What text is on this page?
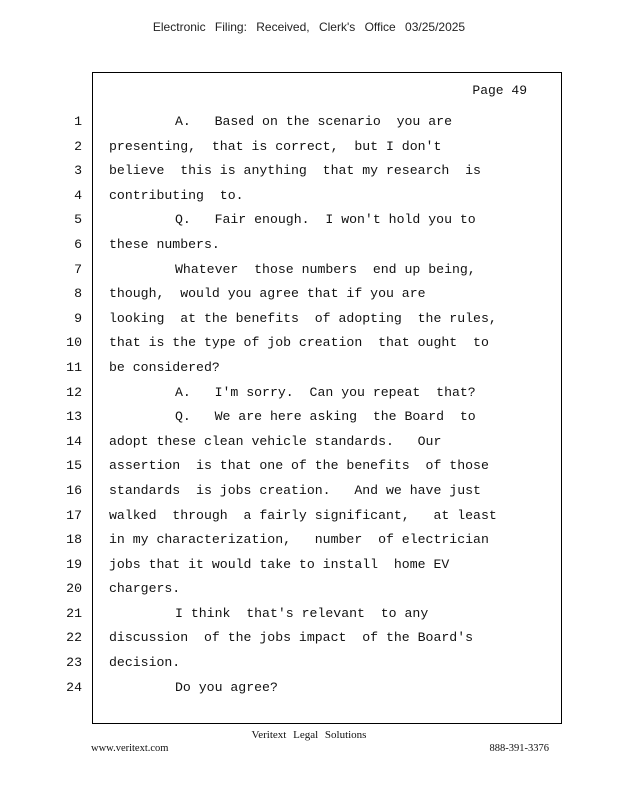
Electronic Filing: Received, Clerk's Office 03/25/2025
Page 49
1	A.   Based on the scenario  you are
2 presenting,  that is correct,  but I don't
3 believe  this is anything  that my research  is
4 contributing  to.
5	Q.   Fair enough.  I won't hold you to
6 these numbers.
7	Whatever  those numbers  end up being,
8 though,  would you agree that if you are
9 looking  at the benefits  of adopting  the rules,
10 that is the type of job creation  that ought  to
11 be considered?
12	A.   I'm sorry.  Can you repeat  that?
13	Q.   We are here asking  the Board  to
14 adopt these clean vehicle standards.   Our
15 assertion  is that one of the benefits  of those
16 standards  is jobs creation.   And we have just
17 walked  through  a fairly significant,   at least
18 in my characterization,   number  of electrician
19 jobs that it would take to install  home EV
20 chargers.
21	I think  that's relevant  to any
22 discussion  of the jobs impact  of the Board's
23 decision.
24	Do you agree?
Veritext Legal Solutions
www.veritext.com	888-391-3376
